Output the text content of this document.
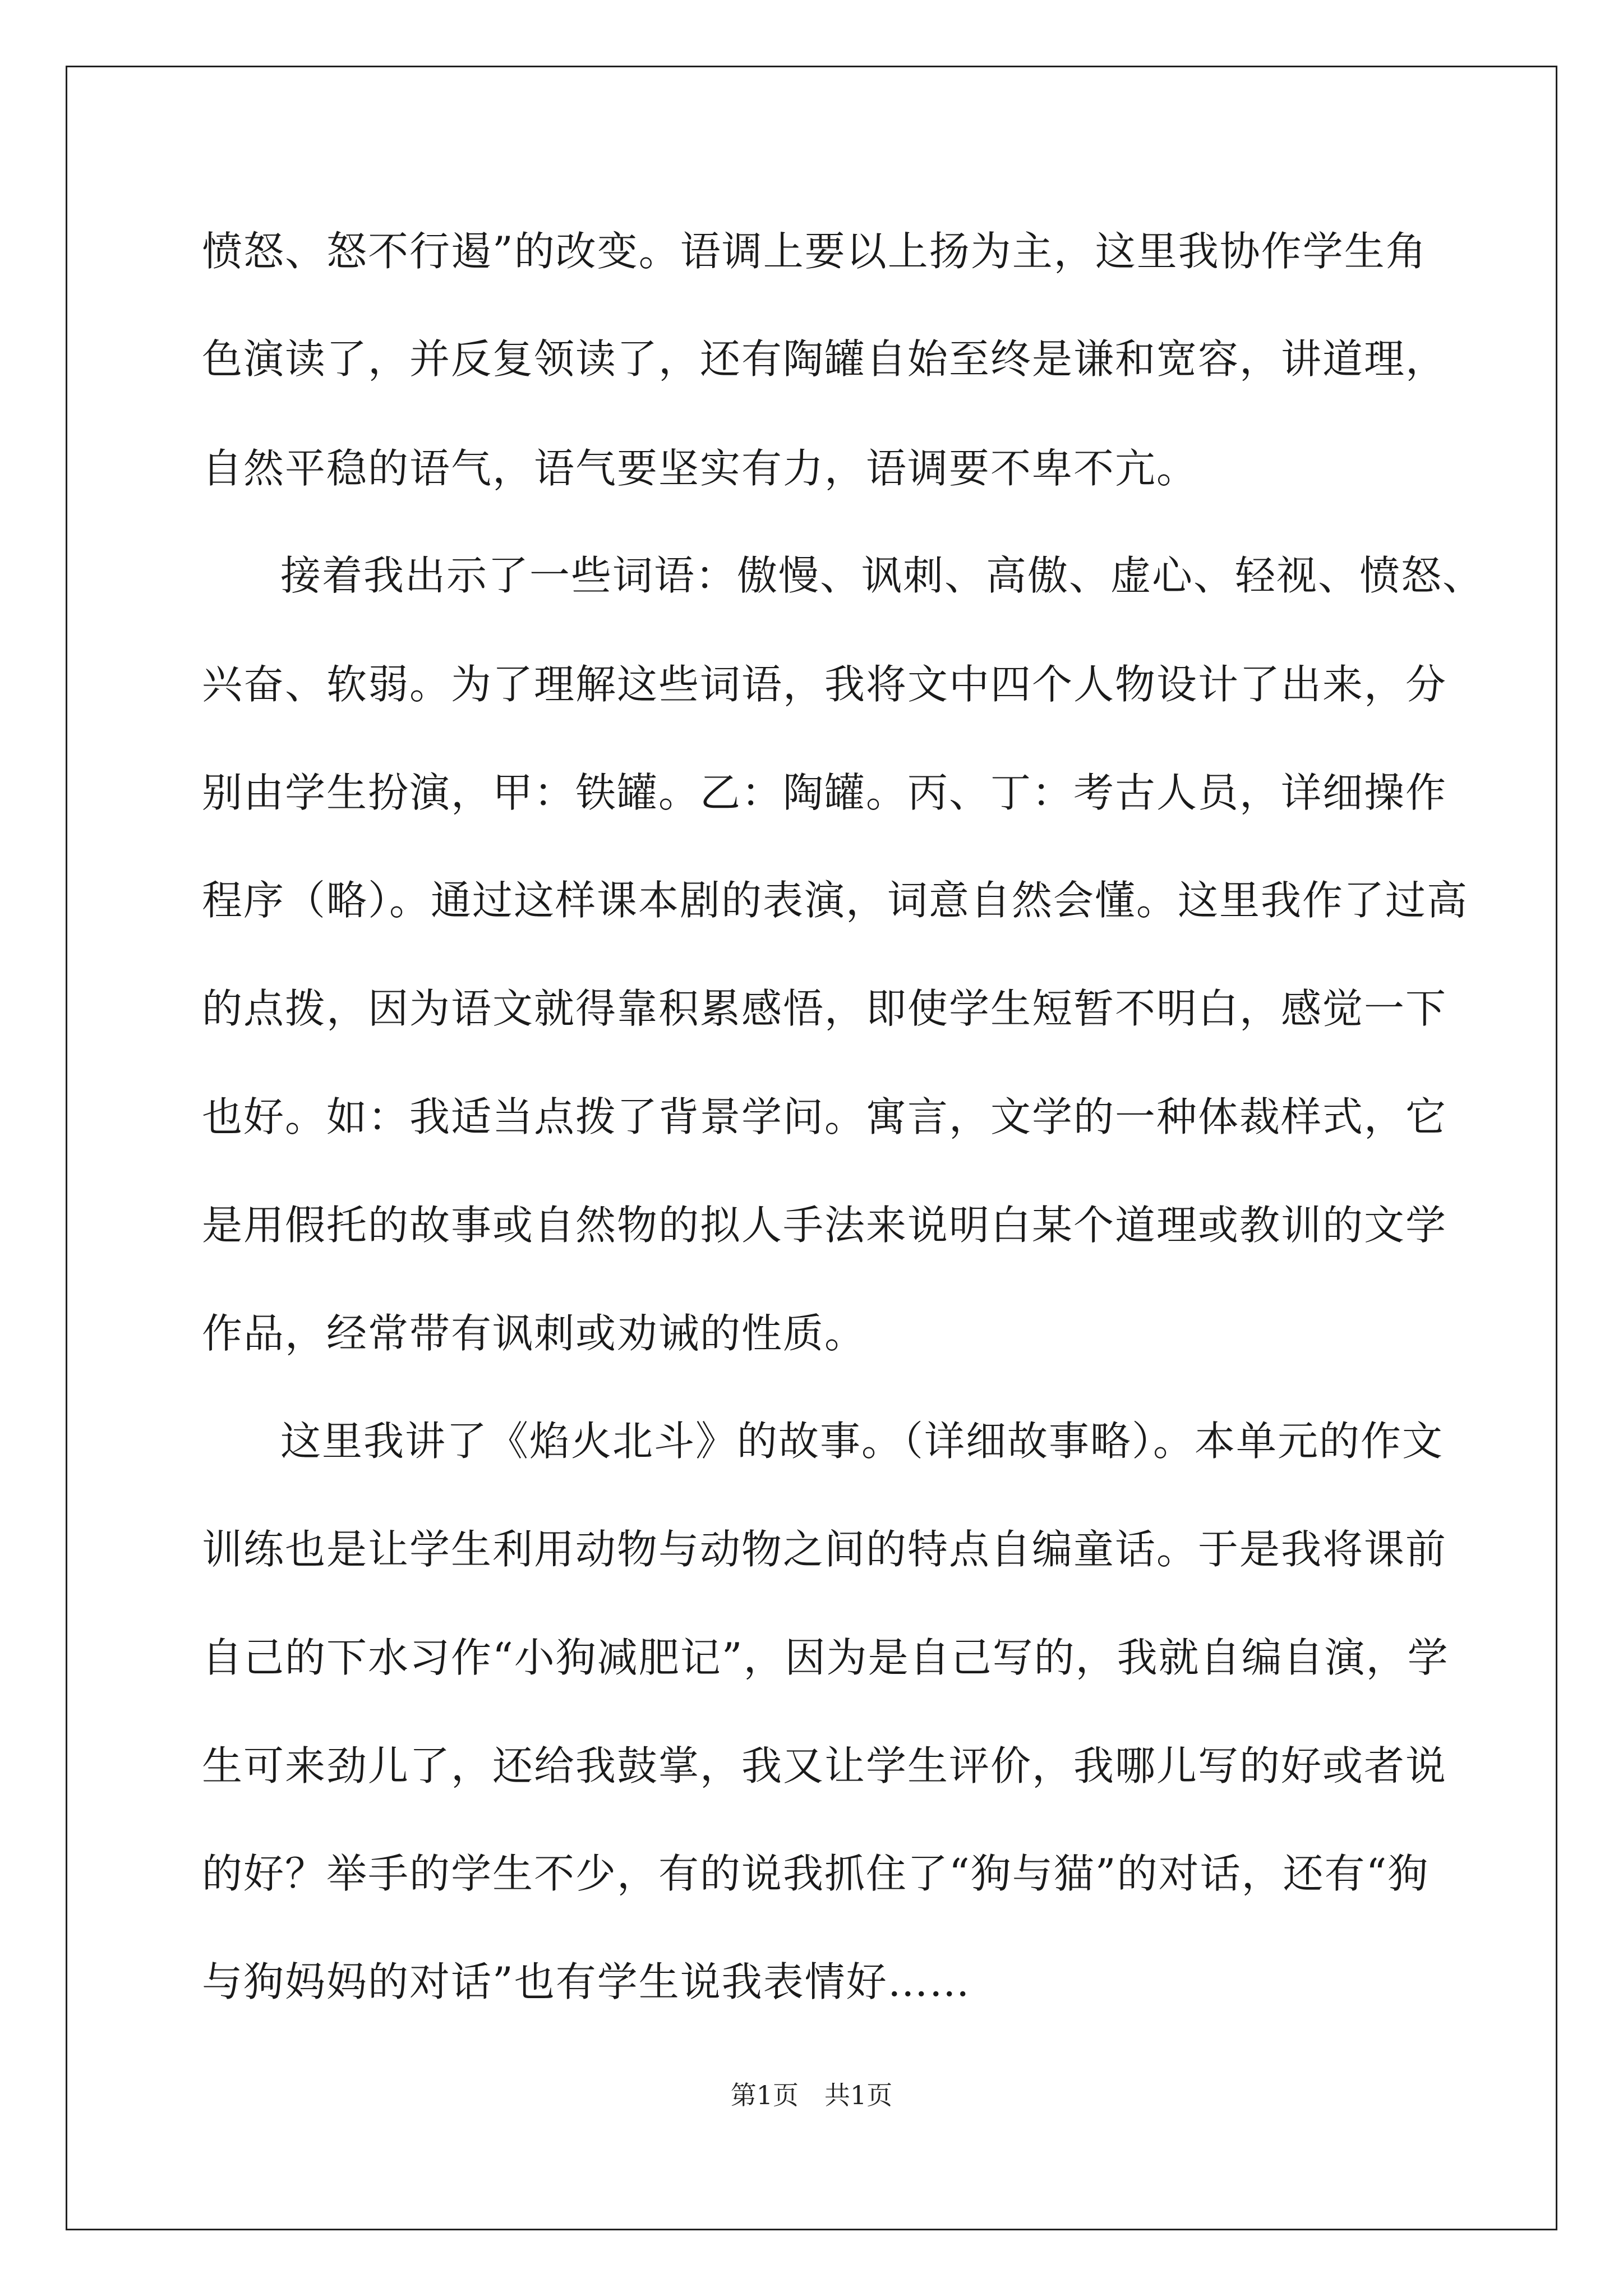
愤怒、怒不行遏”的改变。语调上要以上扬为主，这里我协作学生角
色演读了，并反复领读了，还有陶罐自始至终是谦和宽容，讲道理，
自然平稳的语气，语气要坚实有力，语调要不卑不亢。
接着我出示了一些词语：傲慢、讽刺、高傲、虚心、轻视、愤怒、
兴奋、软弱。为了理解这些词语，我将文中四个人物设计了出来，分
别由学生扮演，甲：铁罐。乙：陶罐。丙、丁：考古人员，详细操作
程序（略）。通过这样课本剧的表演，词意自然会懂。这里我作了过高
的点拨，因为语文就得靠积累感悟，即使学生短暂不明白，感觉一下
也好。如：我适当点拨了背景学问。寓言，文学的一种体裁样式，它
是用假托的故事或自然物的拟人手法来说明白某个道理或教训的文学
作品，经常带有讽刺或劝诫的性质。
这里我讲了《焰火北斗》的故事。（详细故事略）。本单元的作文
训练也是让学生利用动物与动物之间的特点自编童话。于是我将课前
自己的下水习作“小狗减肥记”，因为是自己写的，我就自编自演，学
生可来劲儿了，还给我鼓掌，我又让学生评价，我哪儿写的好或者说
的好？举手的学生不少，有的说我抓住了“狗与猫”的对话，还有“狗
与狗妈妈的对话”也有学生说我表情好……
第1页　共1页
